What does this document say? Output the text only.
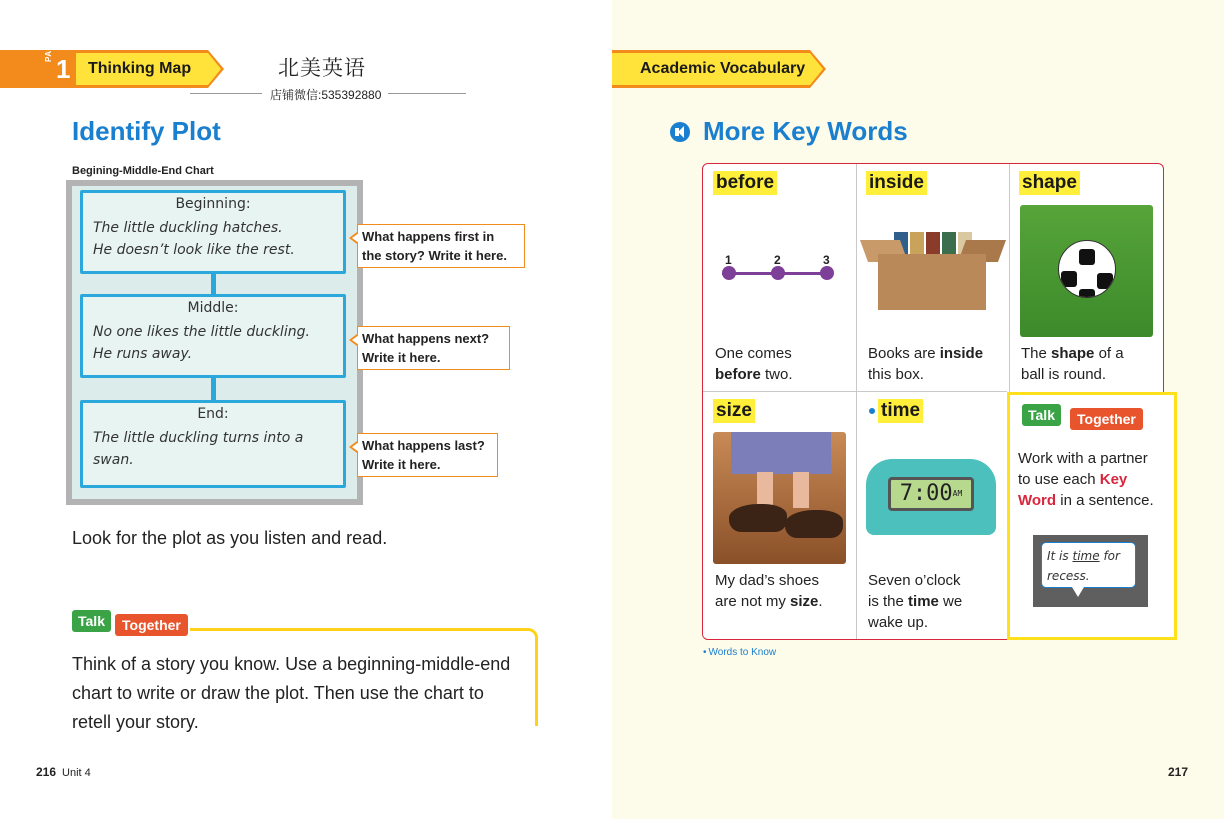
PART
1	Thinking Map	北美英语
店铺微信:535392880
Identify Plot
Begining-Middle-End Chart
Beginning:
The little duckling hatches.
He doesn’t look like the rest.
Middle:
No one likes the little duckling.
He runs away.
End:
The little duckling turns into a swan.
What happens first in
the story? Write it here.
What happens next?
Write it here.
What happens last?
Write it here.
Look for the plot as you listen and read.
Talk	Together
Think of a story you know. Use a beginning-middle-end chart to write or draw the plot. Then use the chart to retell your story.
216 Unit 4
Academic Vocabulary
More Key Words
before
One comes
before two.
1	2	3
inside
Books are inside
this box.
shape
The shape of a
ball is round.
size
My dad’s shoes
are not my size.
time
Seven o’clock
is the time we
wake up.
7:00AM
Talk	Together
Work with a partner
to use each Key
Word in a sentence.
It is time for
recess.
• Words to Know
217
